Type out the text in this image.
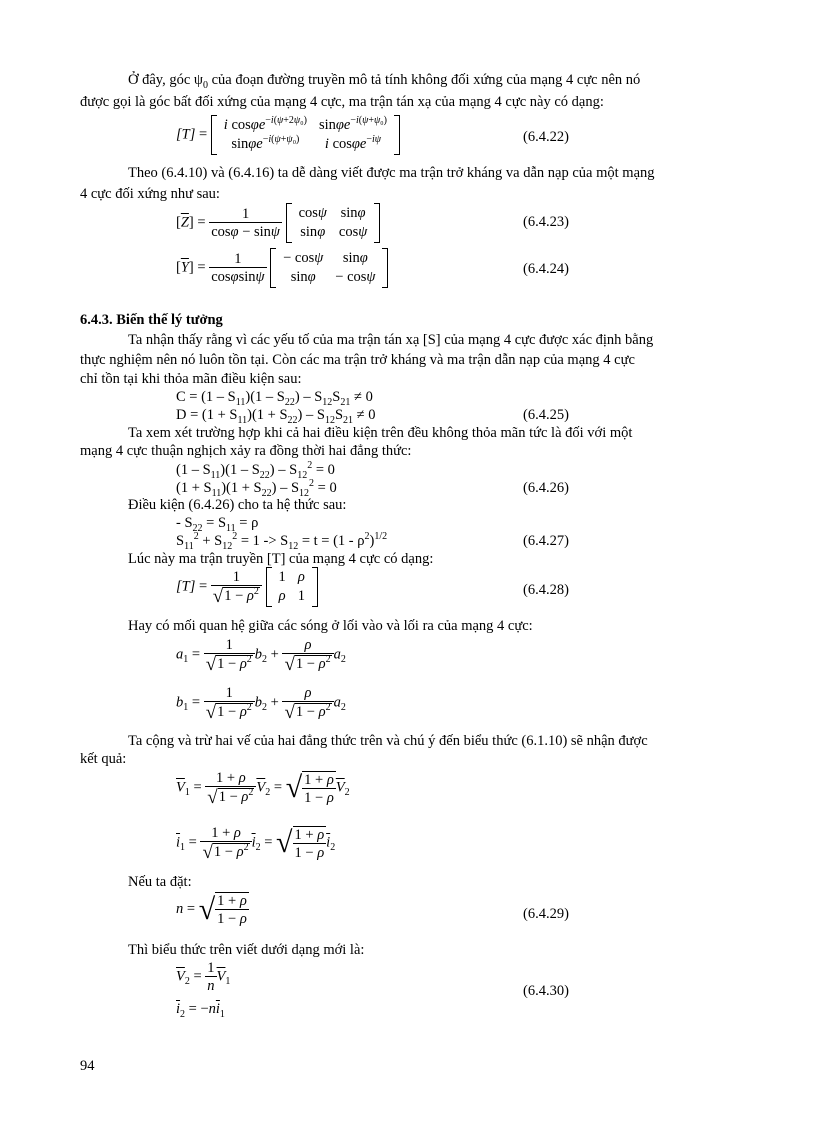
Ở đây, góc $\psi_0$ của đoạn đường truyền mô tả tính không đối xứng của mạng 4 cực nên nó
được gọi là góc bất đối xứng của mạng 4 cực, ma trận tán xạ của mạng 4 cực này có dạng:
[T] =
i cosφe$^{-i(\psi+2\psi_0)}$	sinφe$^{-i(\psi+\psi_0)}$
sinφe$^{-i(\psi+\psi_0)}$	i cosφe$^{-i\psi}$	(6.4.22)
Theo (6.4.10) và (6.4.16) ta dễ dàng viết được ma trận trở kháng va dẫn nạp của một mạng
4 cực đối xứng như sau:
$[\overline{Z}] = \frac{1}{\cos\varphi - \sin\psi}$
cosψ	sinφ
sinφ	cosψ
(6.4.23)
$[\overline{Y}] = \frac{1}{\cos\varphi\sin\psi}$
− cosψ	sinφ
sinφ	− cosψ	(6.4.24)
6.4.3. Biến thế lý tưởng
Ta nhận thấy rằng vì các yếu tố của ma trận tán xạ [S] của mạng 4 cực được xác định bằng
thực nghiệm nên nó luôn tồn tại. Còn các ma trận trở kháng và ma trận dẫn nạp của mạng 4 cực
chỉ tồn tại khi thỏa mãn điều kiện sau:
$C = (1 - S_{11})(1 - S_{22}) - S_{12}S_{21} \ne 0$
$D = (1 + S_{11})(1 + S_{22}) - S_{12}S_{21} \ne 0$	(6.4.25)
Ta xem xét trường hợp khi cả hai điều kiện trên đều không thỏa mãn tức là đối với một
mạng 4 cực thuận nghịch xảy ra đồng thời hai đẳng thức:
$(1 - S_{11})(1 - S_{22}) - S_{12}^2 = 0$
$(1 + S_{11})(1 + S_{22}) - S_{12}^2 = 0$	(6.4.26)
Điều kiện (6.4.26) cho ta hệ thức sau:
- $S_{22} = S_{11} = \rho$
$S_{11}^2 + S_{12}^2 = 1 -> S_{12} = t = (1 - \rho^2)^{1/2}$	(6.4.27)
Lúc này ma trận truyền [T] của mạng 4 cực có dạng:
$[T] = \frac{1}{√1 - \rho^2}$
1	ρ
ρ	1	(6.4.28)
Hay có mối quan hệ giữa các sóng ở lối vào và lối ra của mạng 4 cực:
$a_1 = \frac{1}{√1 - \rho^2} b_2 + \frac{\rho}{√1 - \rho^2} a_2$
$b_1 = \frac{1}{√1 - \rho^2} b_2 + \frac{\rho}{√1 - \rho^2} a_2$
Ta cộng và trừ hai vế của hai đẳng thức trên và chú ý đến biểu thức (6.1.10) sẽ nhận được
kết quả:
$\overline{V}_1 = \frac{1 + \rho}{√1 - \rho^2} \overline{V}_2$ = √ $\frac{1 + \rho}{1 - \rho} \overline{V}_2$
$\overline{i}_1 = \frac{1 + \rho}{√1 - \rho^2} \overline{i}_2$ = √ $\frac{1 + \rho}{1 - \rho} \overline{i}_2$
Nếu ta đặt:
n = √ $\frac{1 + \rho}{1 - \rho}$	(6.4.29)
Thì biểu thức trên viết dưới dạng mới là:
$\overline{V}_2 = \frac{1}{n} \overline{V}_1$
$\overline{i}_2 = -n\overline{i}_1$
(6.4.30)
94
